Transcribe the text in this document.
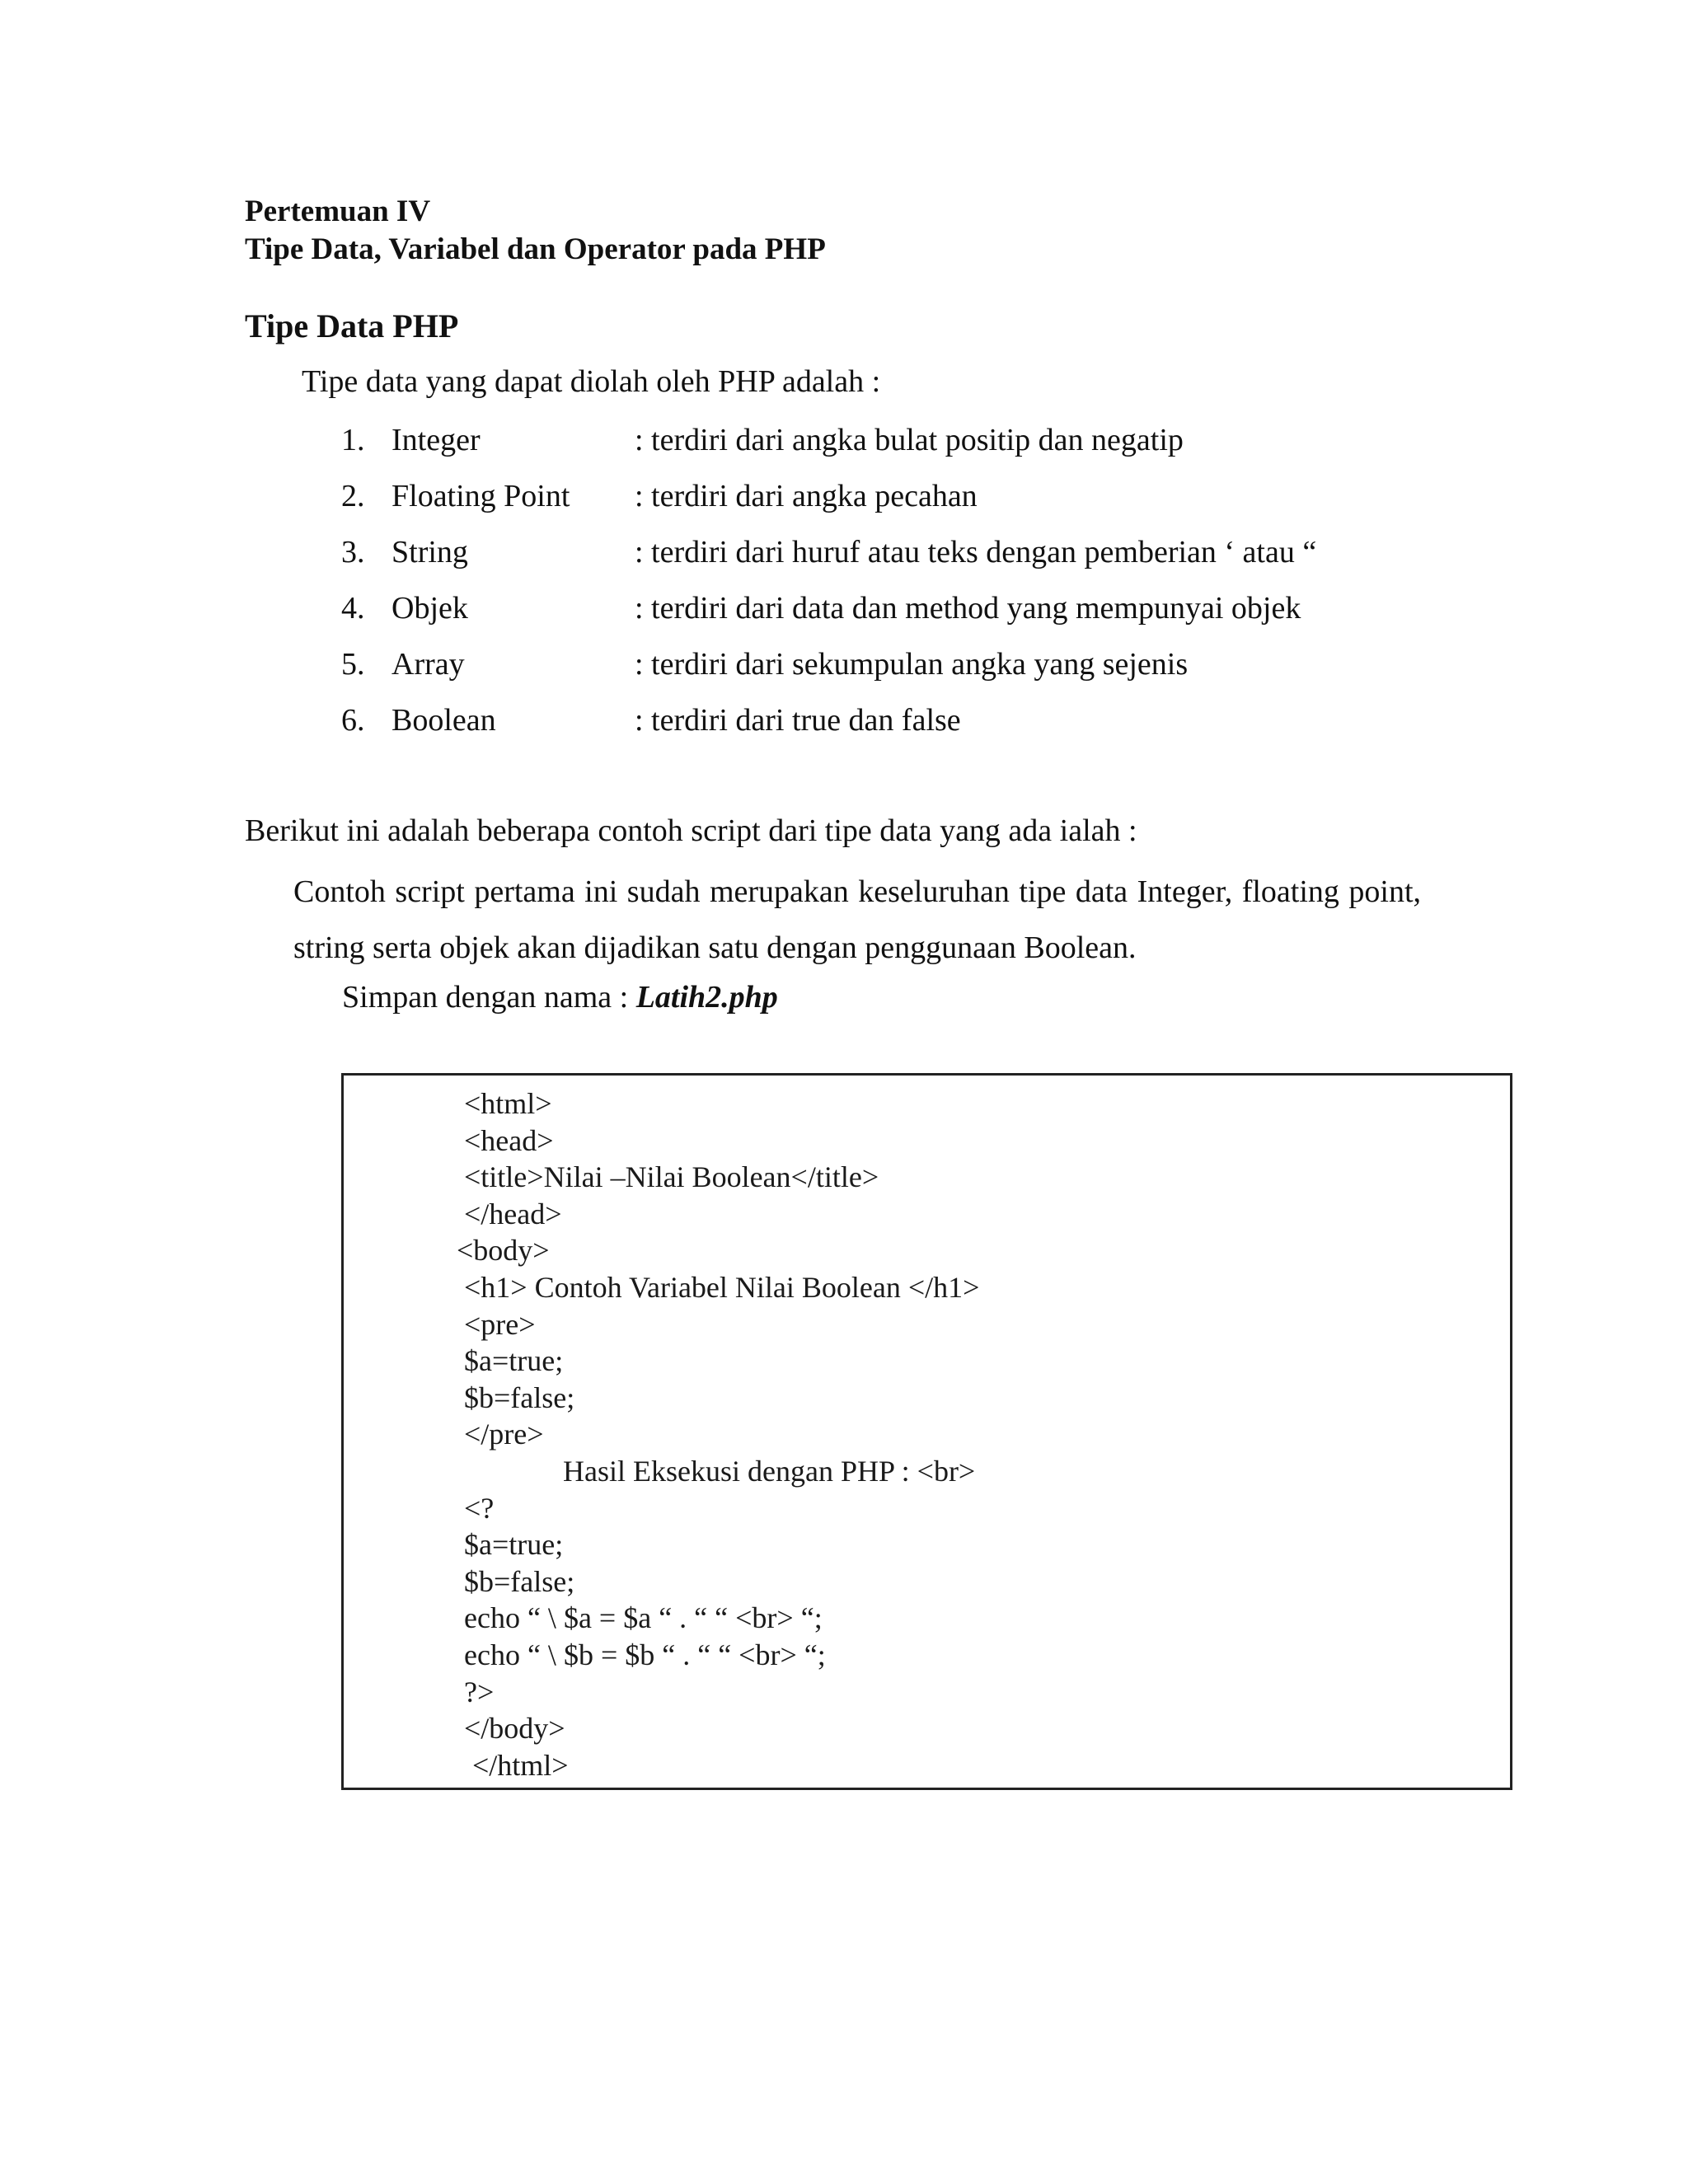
Pertemuan IV
Tipe Data, Variabel dan Operator pada PHP
Tipe Data PHP
Tipe data yang dapat diolah oleh PHP adalah :
1. Integer	: terdiri dari angka bulat positip dan negatip
2. Floating Point : terdiri dari angka pecahan
3. String	: terdiri dari huruf atau teks dengan pemberian ‘ atau “
4. Objek	: terdiri dari data dan method yang mempunyai objek
5. Array	: terdiri dari sekumpulan angka yang sejenis
6. Boolean	: terdiri dari true dan false
Berikut ini adalah beberapa contoh script dari tipe data yang ada ialah :
Contoh script pertama ini sudah merupakan keseluruhan tipe data Integer, floating point, string serta objek akan dijadikan satu dengan penggunaan Boolean.
Simpan dengan nama : Latih2.php
<html>
<head>
<title>Nilai –Nilai Boolean</title>
</head>
<body>
<h1> Contoh Variabel Nilai Boolean </h1>
<pre>
$a=true;
$b=false;
</pre>
Hasil Eksekusi dengan PHP : <br>
<?
$a=true;
$b=false;
echo “ \ $a = $a “ . “ “ <br> “;
echo “ \ $b = $b “ . “ “ <br> “;
?>
</body>
</html>
